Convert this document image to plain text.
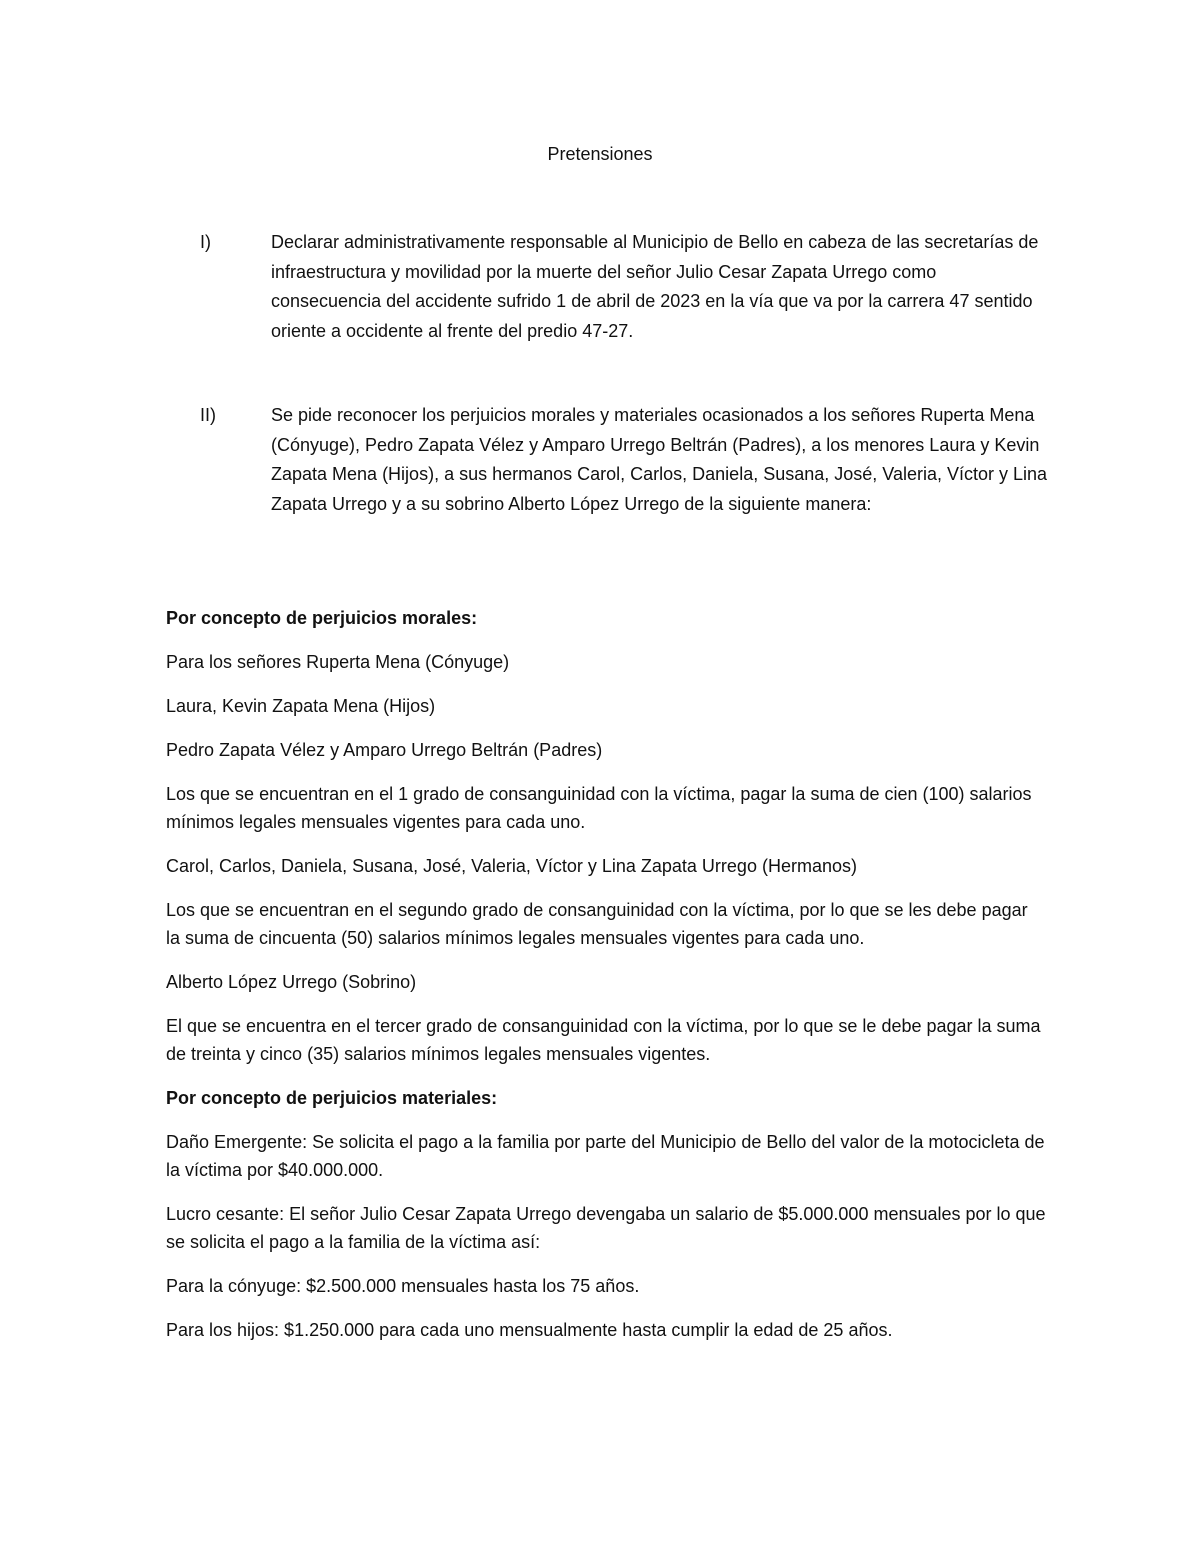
Pretensiones
I)	Declarar administrativamente responsable al Municipio de Bello en cabeza de las secretarías de infraestructura y movilidad por la muerte del señor Julio Cesar Zapata Urrego como consecuencia del accidente sufrido 1 de abril de 2023 en la vía que va por la carrera 47 sentido oriente a occidente al frente del predio 47-27.
II)	Se pide reconocer los perjuicios morales y materiales ocasionados a los señores Ruperta Mena (Cónyuge), Pedro Zapata Vélez y Amparo Urrego Beltrán (Padres), a los menores Laura y Kevin Zapata Mena (Hijos), a sus hermanos Carol, Carlos, Daniela, Susana, José, Valeria, Víctor y Lina Zapata Urrego y a su sobrino Alberto López Urrego de la siguiente manera:

Por concepto de perjuicios morales:

Para los señores Ruperta Mena (Cónyuge)

Laura, Kevin Zapata Mena (Hijos)

Pedro Zapata Vélez y Amparo Urrego Beltrán (Padres)

Los que se encuentran en el 1 grado de consanguinidad con la víctima, pagar la suma de cien (100) salarios mínimos legales mensuales vigentes para cada uno.

Carol, Carlos, Daniela, Susana, José, Valeria, Víctor y Lina Zapata Urrego (Hermanos)

Los que se encuentran en el segundo grado de consanguinidad con la víctima, por lo que se les debe pagar la suma de cincuenta (50) salarios mínimos legales mensuales vigentes para cada uno.

Alberto López Urrego (Sobrino)

El que se encuentra en el tercer grado de consanguinidad con la víctima, por lo que se le debe pagar la suma de treinta y cinco (35) salarios mínimos legales mensuales vigentes.

Por concepto de perjuicios materiales:

Daño Emergente: Se solicita el pago a la familia por parte del Municipio de Bello del valor de la motocicleta de la víctima por $40.000.000.

Lucro cesante: El señor Julio Cesar Zapata Urrego devengaba un salario de $5.000.000 mensuales por lo que se solicita el pago a la familia de la víctima así:

Para la cónyuge: $2.500.000 mensuales hasta los 75 años.

Para los hijos: $1.250.000 para cada uno mensualmente hasta cumplir la edad de 25 años.
